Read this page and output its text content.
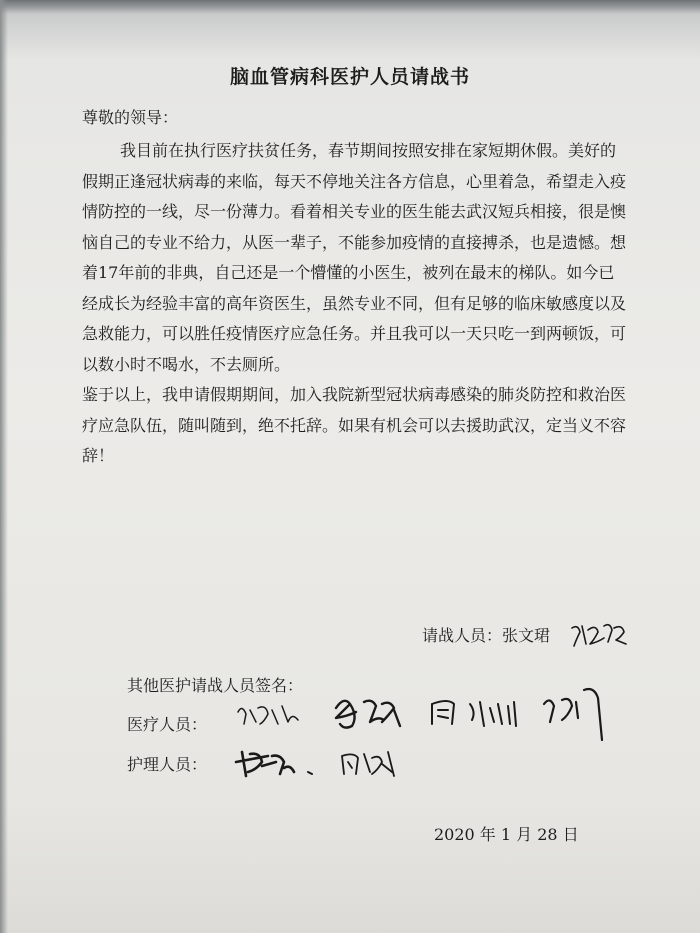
脑血管病科医护人员请战书
尊敬的领导：

我目前在执行医疗扶贫任务，春节期间按照安排在家短期休假。美好的假期正逢冠状病毒的来临，每天不停地关注各方信息，心里着急，希望走入疫情防控的一线，尽一份薄力。看着相关专业的医生能去武汉短兵相接，很是懊恼自己的专业不给力，从医一辈子，不能参加疫情的直接搏杀，也是遗憾。想着17年前的非典，自己还是一个懵懂的小医生，被列在最末的梯队。如今已经成长为经验丰富的高年资医生，虽然专业不同，但有足够的临床敏感度以及急救能力，可以胜任疫情医疗应急任务。并且我可以一天只吃一到两顿饭，可以数小时不喝水，不去厕所。

鉴于以上，我申请假期期间，加入我院新型冠状病毒感染的肺炎防控和救治医疗应急队伍，随叫随到，绝不托辞。如果有机会可以去援助武汉，定当义不容辞！

请战人员：张文珺
其他医护请战人员签名：
医疗人员：
护理人员：
2020 年 1 月 28 日
